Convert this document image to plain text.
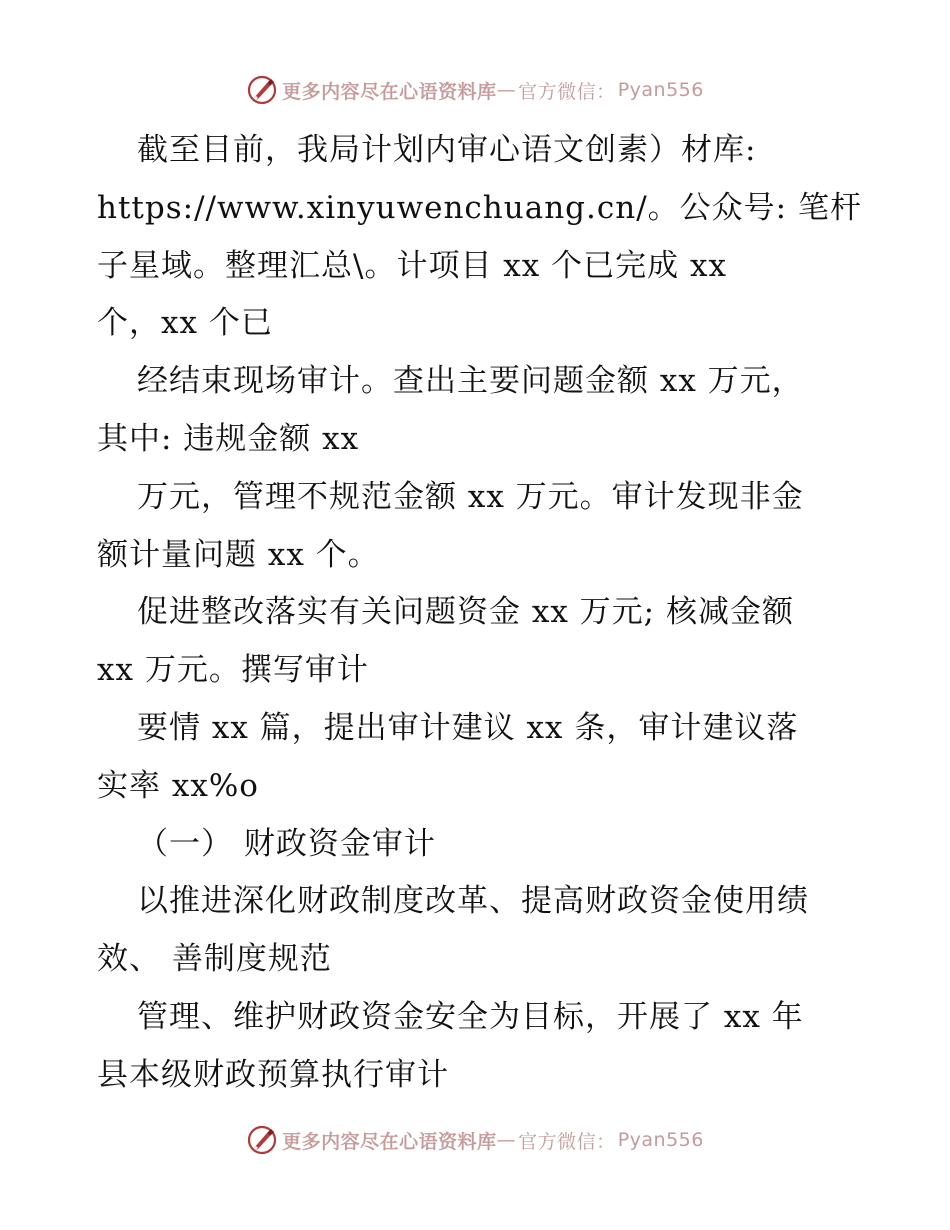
更多内容尽在心语资料库 — 官方微信： Pyan556
截至目前，我局计划内审心语文创素）材库:
https://www.xinyuwenchuang.cn/。公众号: 笔杆
子星域。整理汇总\。计项目 xx 个已完成 xx
个，xx 个已
经结束现场审计。查出主要问题金额 xx 万元，
其中: 违规金额 xx
万元，管理不规范金额 xx 万元。审计发现非金
额计量问题 xx 个。
促进整改落实有关问题资金 xx 万元; 核减金额
xx 万元。撰写审计
要情 xx 篇，提出审计建议 xx 条，审计建议落
实率 xx%o
（一） 财政资金审计
以推进深化财政制度改革、提高财政资金使用绩
效、 善制度规范
管理、维护财政资金安全为目标，开展了 xx 年
县本级财政预算执行审计
更多内容尽在心语资料库 — 官方微信： Pyan556
